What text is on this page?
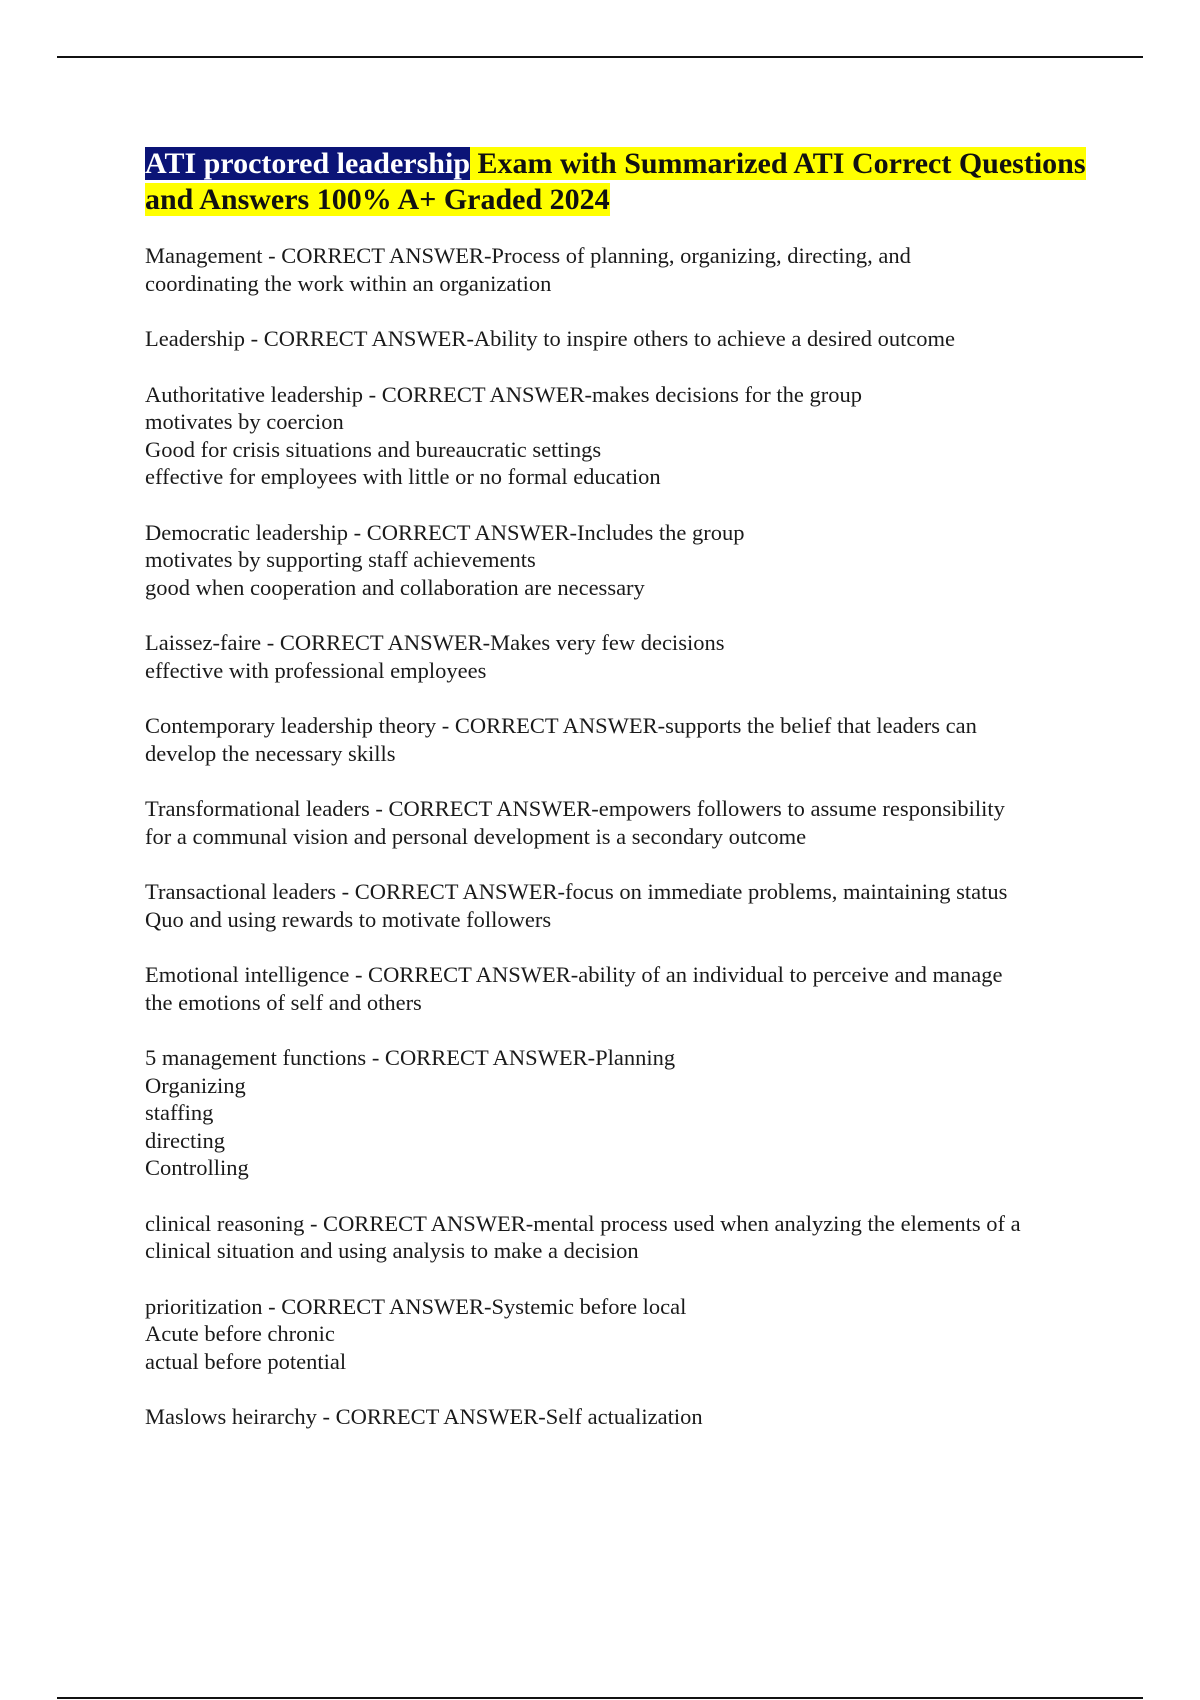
ATI proctored leadership Exam with Summarized ATI Correct Questions and Answers 100% A+ Graded 2024

Management - CORRECT ANSWER-Process of planning, organizing, directing, and
coordinating the work within an organization

Leadership - CORRECT ANSWER-Ability to inspire others to achieve a desired outcome

Authoritative leadership - CORRECT ANSWER-makes decisions for the group
motivates by coercion
Good for crisis situations and bureaucratic settings
effective for employees with little or no formal education

Democratic leadership - CORRECT ANSWER-Includes the group
motivates by supporting staff achievements
good when cooperation and collaboration are necessary

Laissez-faire - CORRECT ANSWER-Makes very few decisions
effective with professional employees

Contemporary leadership theory - CORRECT ANSWER-supports the belief that leaders can
develop the necessary skills

Transformational leaders - CORRECT ANSWER-empowers followers to assume responsibility
for a communal vision and personal development is a secondary outcome

Transactional leaders - CORRECT ANSWER-focus on immediate problems, maintaining status
Quo and using rewards to motivate followers

Emotional intelligence - CORRECT ANSWER-ability of an individual to perceive and manage
the emotions of self and others

5 management functions - CORRECT ANSWER-Planning
Organizing
staffing
directing
Controlling

clinical reasoning - CORRECT ANSWER-mental process used when analyzing the elements of a
clinical situation and using analysis to make a decision

prioritization - CORRECT ANSWER-Systemic before local
Acute before chronic
actual before potential

Maslows heirarchy - CORRECT ANSWER-Self actualization
